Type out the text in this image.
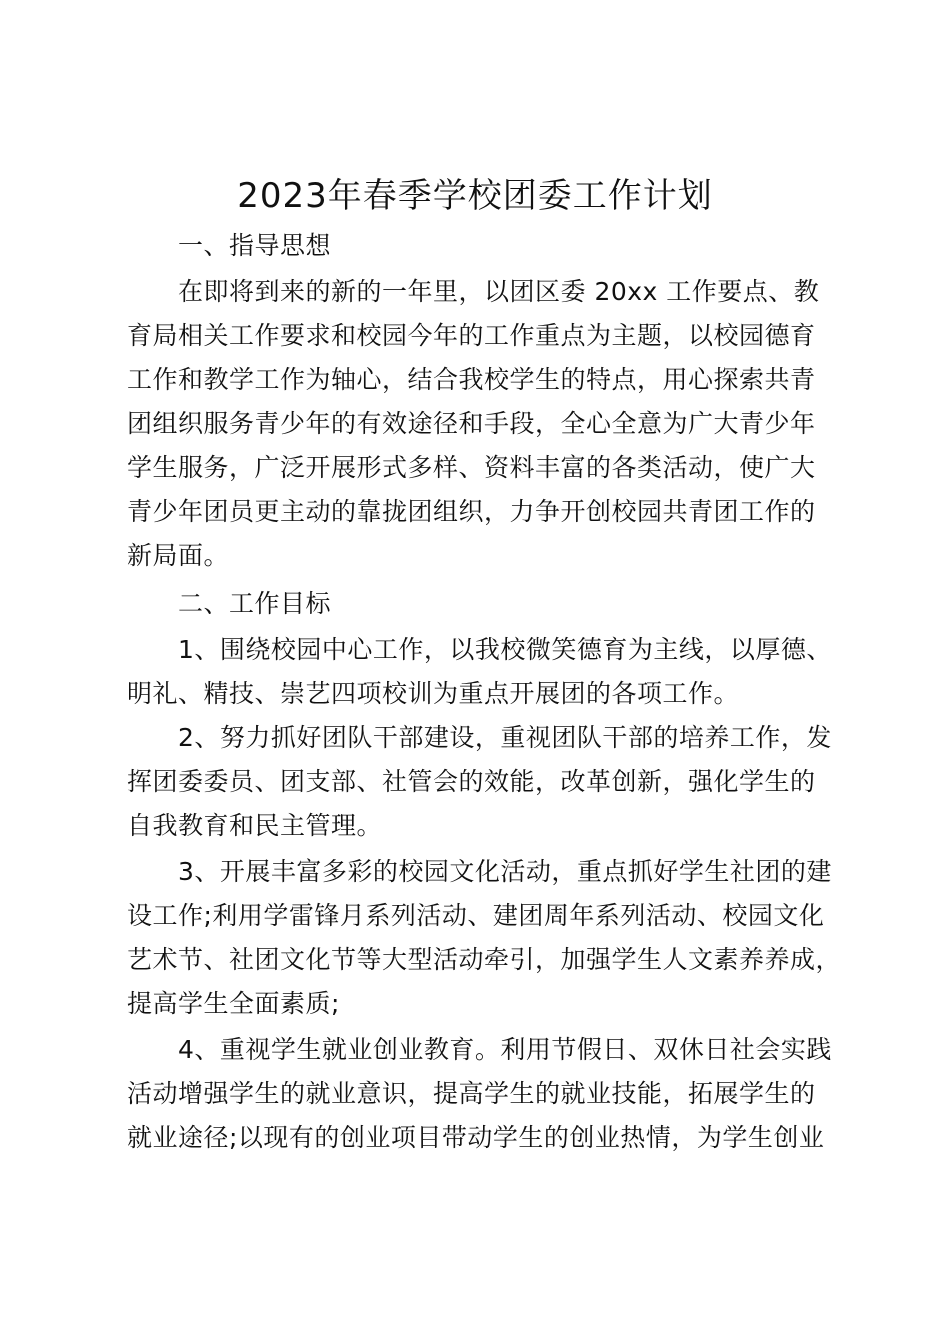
2023年春季学校团委工作计划
一、指导思想
在即将到来的新的一年里，以团区委 20xx 工作要点、教
育局相关工作要求和校园今年的工作重点为主题，以校园德育
工作和教学工作为轴心，结合我校学生的特点，用心探索共青
团组织服务青少年的有效途径和手段，全心全意为广大青少年
学生服务，广泛开展形式多样、资料丰富的各类活动，使广大
青少年团员更主动的靠拢团组织，力争开创校园共青团工作的
新局面。
二、工作目标
1、围绕校园中心工作，以我校微笑德育为主线，以厚德、
明礼、精技、崇艺四项校训为重点开展团的各项工作。
2、努力抓好团队干部建设，重视团队干部的培养工作，发
挥团委委员、团支部、社管会的效能，改革创新，强化学生的
自我教育和民主管理。
3、开展丰富多彩的校园文化活动，重点抓好学生社团的建
设工作;利用学雷锋月系列活动、建团周年系列活动、校园文化
艺术节、社团文化节等大型活动牵引，加强学生人文素养养成，
提高学生全面素质;
4、重视学生就业创业教育。利用节假日、双休日社会实践
活动增强学生的就业意识，提高学生的就业技能，拓展学生的
就业途径;以现有的创业项目带动学生的创业热情，为学生创业
